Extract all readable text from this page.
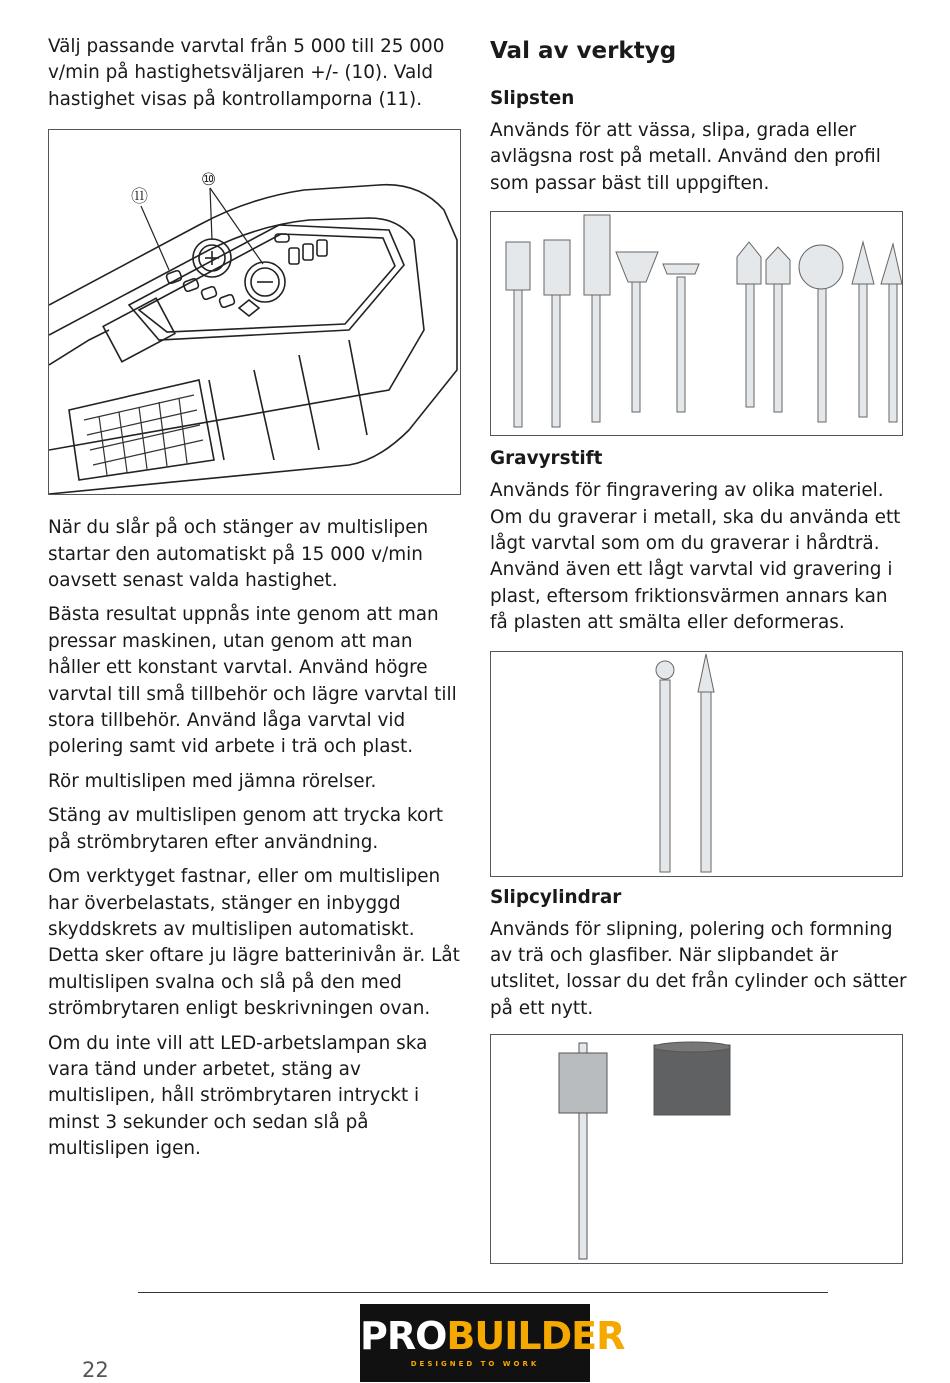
Välj passande varvtal från 5 000 till 25 000 v/min på hastighetsväljaren +/- (10). Vald hastighet visas på kontrollamporna (11).

⑪
⑩

När du slår på och stänger av multislipen startar den automatiskt på 15 000 v/min oavsett senast valda hastighet.

Bästa resultat uppnås inte genom att man pressar maskinen, utan genom att man håller ett konstant varvtal. Använd högre varvtal till små tillbehör och lägre varvtal till stora tillbehör. Använd låga varvtal vid polering samt vid arbete i trä och plast.

Rör multislipen med jämna rörelser.

Stäng av multislipen genom att trycka kort på strömbrytaren efter användning.

Om verktyget fastnar, eller om multislipen har överbelastats, stänger en inbyggd skyddskrets av multislipen automatiskt. Detta sker oftare ju lägre batterinivån är. Låt multislipen svalna och slå på den med strömbrytaren enligt beskrivningen ovan.

Om du inte vill att LED-arbetslampan ska vara tänd under arbetet, stäng av multislipen, håll strömbrytaren intryckt i minst 3 sekunder och sedan slå på multislipen igen.

Val av verktyg
Slipsten

Används för att vässa, slipa, grada eller avlägsna rost på metall. Använd den profil som passar bäst till uppgiften.

Gravyrstift

Används för fingravering av olika materiel. Om du graverar i metall, ska du använda ett lågt varvtal som om du graverar i hårdträ. Använd även ett lågt varvtal vid gravering i plast, eftersom friktionsvärmen annars kan få plasten att smälta eller deformeras.

Slipcylindrar

Används för slipning, polering och formning av trä och glasfiber. När slipbandet är utslitet, lossar du det från cylinder och sätter på ett nytt.

22
PROBUILDER
DESIGNED TO WORK
